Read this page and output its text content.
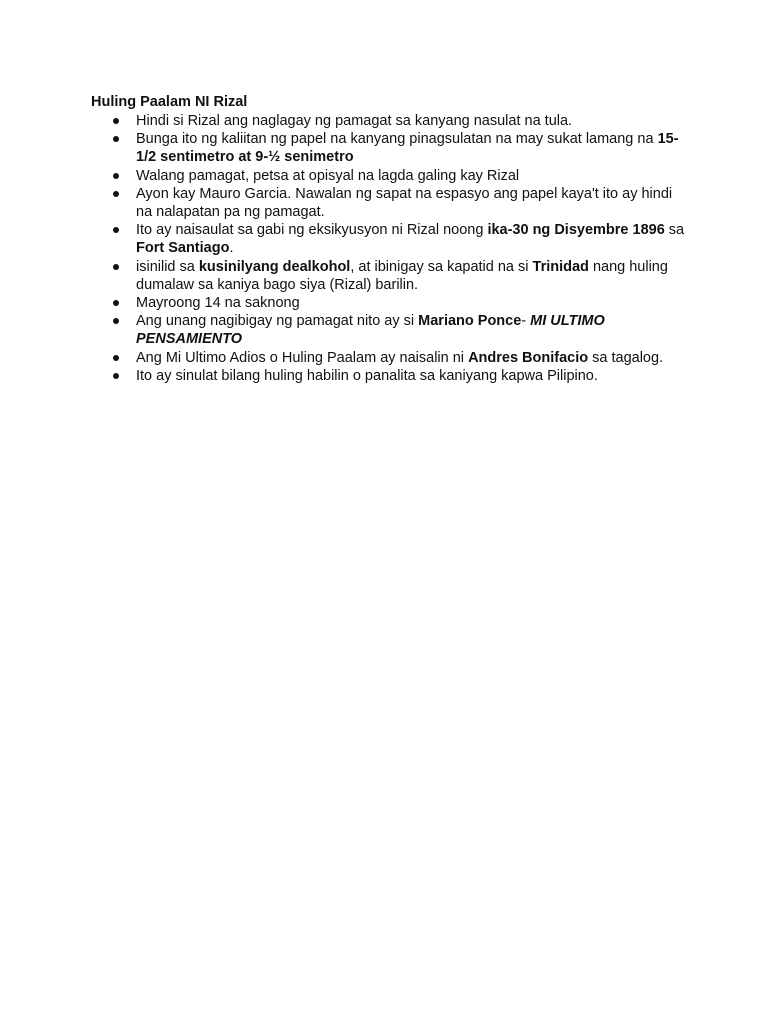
Huling Paalam NI Rizal
Hindi si Rizal ang naglagay ng pamagat sa kanyang nasulat na tula.
Bunga ito ng kaliitan ng papel na kanyang pinagsulatan na may sukat lamang na 15-1/2 sentimetro at 9-½ senimetro
Walang pamagat, petsa at opisyal na lagda galing kay Rizal
Ayon kay Mauro Garcia. Nawalan ng sapat na espasyo ang papel kaya't ito ay hindi na nalapatan pa ng pamagat.
Ito ay naisaulat sa gabi ng eksikyusyon ni Rizal noong ika-30 ng Disyembre 1896 sa Fort Santiago.
isinilid sa kusinilyang dealkohol, at ibinigay sa kapatid na si Trinidad nang huling dumalaw sa kaniya bago siya (Rizal) barilin.
Mayroong 14 na saknong
Ang unang nagibigay ng pamagat nito ay si Mariano Ponce- MI ULTIMO PENSAMIENTO
Ang Mi Ultimo Adios o Huling Paalam ay naisalin ni Andres Bonifacio sa tagalog.
Ito ay sinulat bilang huling habilin o panalita sa kaniyang kapwa Pilipino.
